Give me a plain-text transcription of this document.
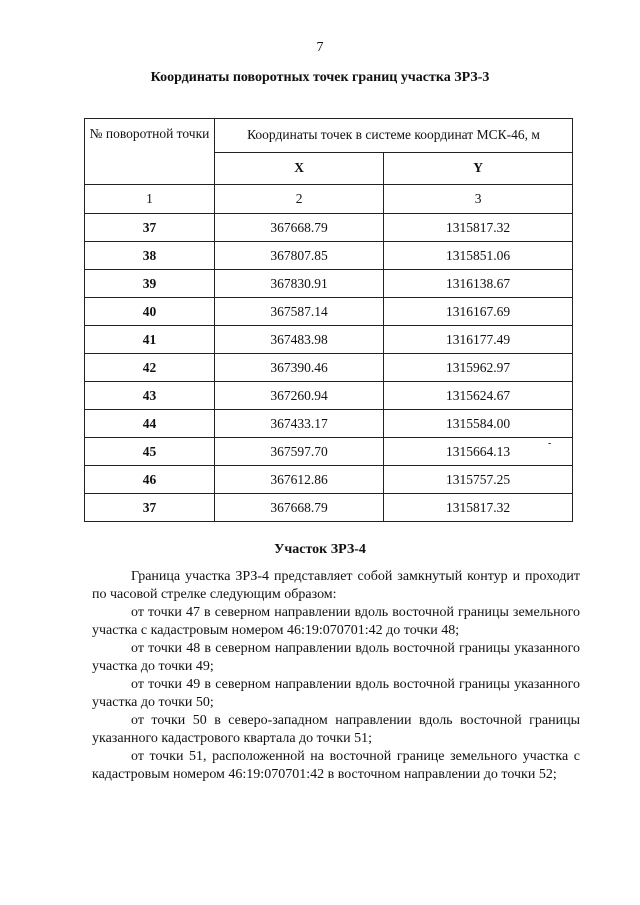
7
Координаты поворотных точек границ участка ЗРЗ-3
№ поворотной точки	Координаты точек в системе координат МСК-46, м	
	X	Y
1	2	3
37	367668.79	1315817.32
38	367807.85	1315851.06
39	367830.91	1316138.67
40	367587.14	1316167.69
41	367483.98	1316177.49
42	367390.46	1315962.97
43	367260.94	1315624.67
44	367433.17	1315584.00
45	367597.70	1315664.13
46	367612.86	1315757.25
37	367668.79	1315817.32
-
Участок ЗРЗ-4

Граница участка ЗРЗ-4 представляет собой замкнутый контур и проходит по часовой стрелке следующим образом:

от точки 47 в северном направлении вдоль восточной границы земельного участка с кадастровым номером 46:19:070701:42 до точки 48;

от точки 48 в северном направлении вдоль восточной границы указанного участка до точки 49;

от точки 49 в северном направлении вдоль восточной границы указанного участка до точки 50;

от точки 50 в северо-западном направлении вдоль восточной границы указанного кадастрового квартала до точки 51;

от точки 51, расположенной на восточной границе земельного участка с кадастровым номером 46:19:070701:42 в восточном направлении до точки 52;
